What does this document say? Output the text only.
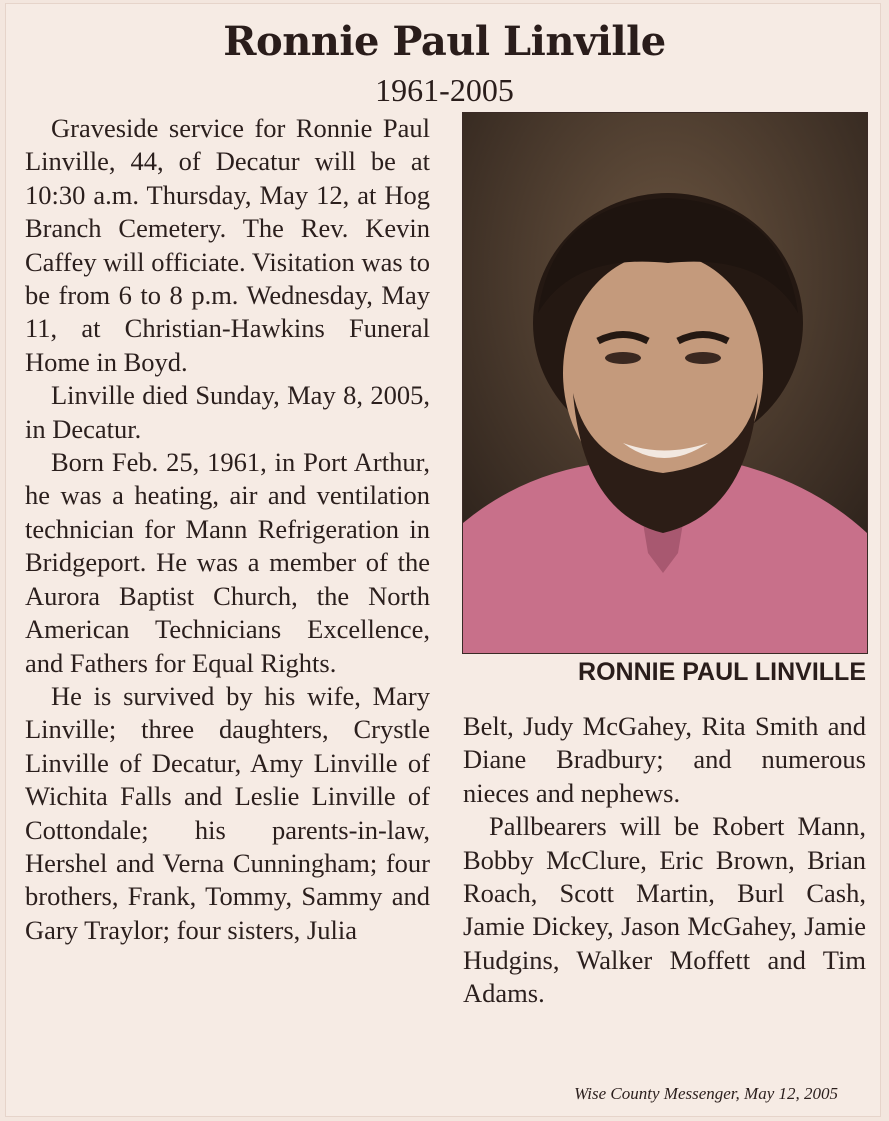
Ronnie Paul Linville
1961-2005

Graveside service for Ronnie Paul Linville, 44, of Decatur will be at 10:30 a.m. Thursday, May 12, at Hog Branch Cemetery. The Rev. Kevin Caffey will officiate. Visitation was to be from 6 to 8 p.m. Wednesday, May 11, at Christian-Hawkins Funeral Home in Boyd.

Linville died Sunday, May 8, 2005, in Decatur.

Born Feb. 25, 1961, in Port Arthur, he was a heating, air and ventilation technician for Mann Refrigeration in Bridgeport. He was a member of the Aurora Baptist Church, the North American Technicians Excellence, and Fathers for Equal Rights.

He is survived by his wife, Mary Linville; three daughters, Crystle Linville of Decatur, Amy Linville of Wichita Falls and Leslie Linville of Cottondale; his parents-in-law, Hershel and Verna Cunningham; four brothers, Frank, Tommy, Sammy and Gary Traylor; four sisters, Julia

RONNIE PAUL LINVILLE

Belt, Judy McGahey, Rita Smith and Diane Bradbury; and numerous nieces and nephews.

Pallbearers will be Robert Mann, Bobby McClure, Eric Brown, Brian Roach, Scott Martin, Burl Cash, Jamie Dickey, Jason McGahey, Jamie Hudgins, Walker Moffett and Tim Adams.

Wise County Messenger, May 12, 2005
